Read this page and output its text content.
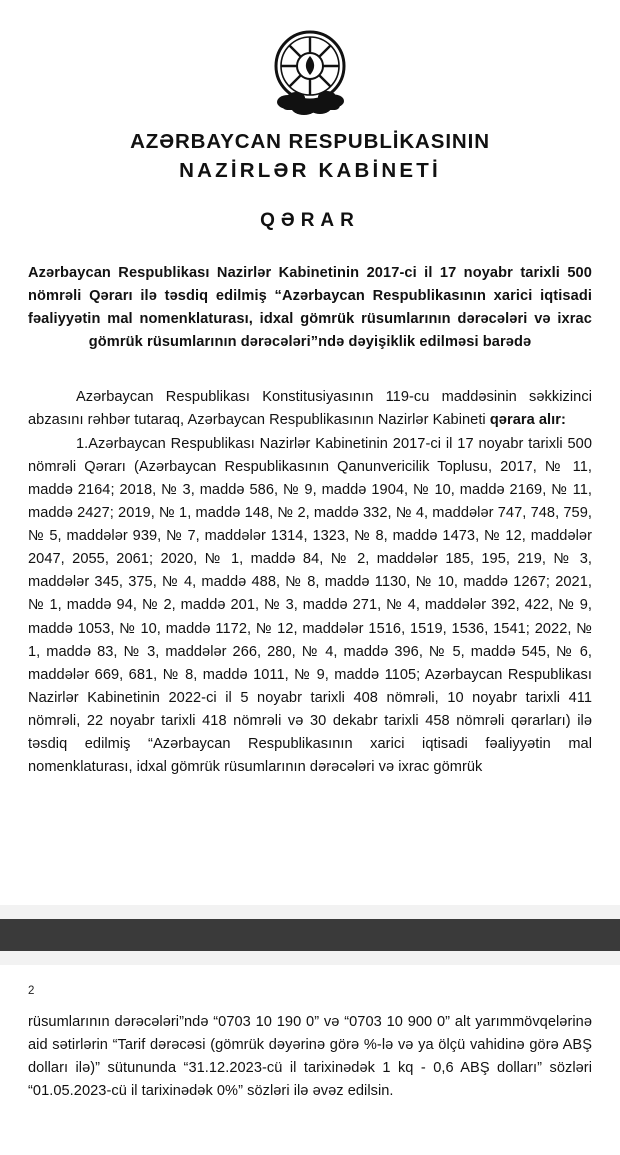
AZƏRBAYCAN RESPUBLİKASININ
NAZİRLƏR KABİNETİ
QƏRAR
Azərbaycan Respublikası Nazirlər Kabinetinin 2017-ci il 17 noyabr tarixli 500 nömrəli Qərarı ilə təsdiq edilmiş “Azərbaycan Respublikasının xarici iqtisadi fəaliyyətin mal nomenklaturası, idxal gömrük rüsumlarının dərəcələri və ixrac gömrük rüsumlarının dərəcələri”ndə dəyişiklik edilməsi barədə

Azərbaycan Respublikası Konstitusiyasının 119-cu maddəsinin səkkizinci abzasını rəhbər tutaraq, Azərbaycan Respublikasının Nazirlər Kabineti qərara alır:

1.Azərbaycan Respublikası Nazirlər Kabinetinin 2017-ci il 17 noyabr tarixli 500 nömrəli Qərarı (Azərbaycan Respublikasının Qanunvericilik Toplusu, 2017, № 11, maddə 2164; 2018, № 3, maddə 586, № 9, maddə 1904, № 10, maddə 2169, № 11, maddə 2427; 2019, № 1, maddə 148, № 2, maddə 332, № 4, maddələr 747, 748, 759, № 5, maddələr 939, № 7, maddələr 1314, 1323, № 8, maddə 1473, № 12, maddələr 2047, 2055, 2061; 2020, № 1, maddə 84, № 2, maddələr 185, 195, 219, № 3, maddələr 345, 375, № 4, maddə 488, № 8, maddə 1130, № 10, maddə 1267; 2021, № 1, maddə 94, № 2, maddə 201, № 3, maddə 271, № 4, maddələr 392, 422, № 9, maddə 1053, № 10, maddə 1172, № 12, maddələr 1516, 1519, 1536, 1541; 2022, № 1, maddə 83, № 3, maddələr 266, 280, № 4, maddə 396, № 5, maddə 545, № 6, maddələr 669, 681, № 8, maddə 1011, № 9, maddə 1105; Azərbaycan Respublikası Nazirlər Kabinetinin 2022-ci il 5 noyabr tarixli 408 nömrəli, 10 noyabr tarixli 411 nömrəli, 22 noyabr tarixli 418 nömrəli və 30 dekabr tarixli 458 nömrəli qərarları) ilə təsdiq edilmiş “Azərbaycan Respublikasının xarici iqtisadi fəaliyyətin mal nomenklaturası, idxal gömrük rüsumlarının dərəcələri və ixrac gömrük

2

rüsumlarının dərəcələri”ndə “0703 10 190 0” və “0703 10 900 0” alt yarımmövqelərinə aid sətirlərin “Tarif dərəcəsi (gömrük dəyərinə görə %-lə və ya ölçü vahidinə görə ABŞ dolları ilə)” sütununda “31.12.2023-cü il tarixinədək 1 kq - 0,6 ABŞ dolları” sözləri “01.05.2023-cü il tarixinədək 0%” sözləri ilə əvəz edilsin.
